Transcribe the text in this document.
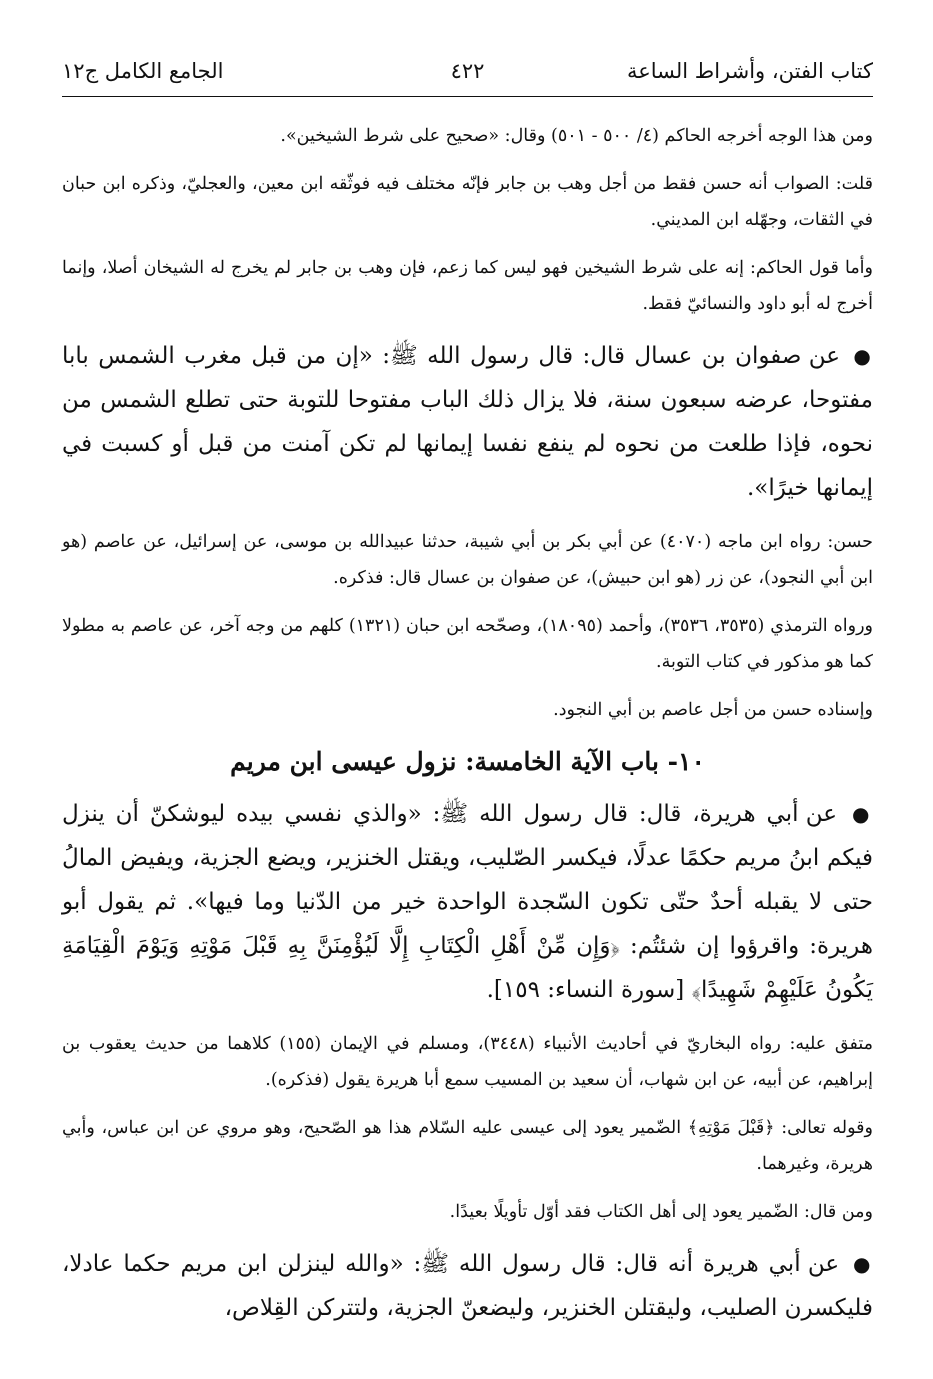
كتاب الفتن، وأشراط الساعة
٤٢٢
الجامع الكامل ج١٢

ومن هذا الوجه أخرجه الحاكم (٤/ ٥٠٠ - ٥٠١) وقال: «صحيح على شرط الشيخين».

قلت: الصواب أنه حسن فقط من أجل وهب بن جابر فإنّه مختلف فيه فوثّقه ابن معين، والعجليّ، وذكره ابن حبان في الثقات، وجهّله ابن المديني.

وأما قول الحاكم: إنه على شرط الشيخين فهو ليس كما زعم، فإن وهب بن جابر لم يخرج له الشيخان أصلا، وإنما أخرج له أبو داود والنسائيّ فقط.

● عن صفوان بن عسال قال: قال رسول الله ﷺ: «إن من قبل مغرب الشمس بابا مفتوحا، عرضه سبعون سنة، فلا يزال ذلك الباب مفتوحا للتوبة حتى تطلع الشمس من نحوه، فإذا طلعت من نحوه لم ينفع نفسا إيمانها لم تكن آمنت من قبل أو كسبت في إيمانها خيرًا».

حسن: رواه ابن ماجه (٤٠٧٠) عن أبي بكر بن أبي شيبة، حدثنا عبيدالله بن موسى، عن إسرائيل، عن عاصم (هو ابن أبي النجود)، عن زر (هو ابن حبيش)، عن صفوان بن عسال قال: فذكره.

ورواه الترمذي (٣٥٣٥، ٣٥٣٦)، وأحمد (١٨٠٩٥)، وصحّحه ابن حبان (١٣٢١) كلهم من وجه آخر، عن عاصم به مطولا كما هو مذكور في كتاب التوبة.

وإسناده حسن من أجل عاصم بن أبي النجود.

١٠- باب الآية الخامسة: نزول عيسى ابن مريم

● عن أبي هريرة، قال: قال رسول الله ﷺ: «والذي نفسي بيده ليوشكنّ أن ينزل فيكم ابنُ مريم حكمًا عدلًا، فيكسر الصّليب، ويقتل الخنزير، ويضع الجزية، ويفيض المالُ حتى لا يقبله أحدٌ حتّى تكون السّجدة الواحدة خير من الدّنيا وما فيها». ثم يقول أبو هريرة: واقرؤوا إن شئتُم: ﴿وَإِن مِّنْ أَهْلِ الْكِتَابِ إِلَّا لَيُؤْمِنَنَّ بِهِ قَبْلَ مَوْتِهِ وَيَوْمَ الْقِيَامَةِ يَكُونُ عَلَيْهِمْ شَهِيدًا﴾ [سورة النساء: ١٥٩].

متفق عليه: رواه البخاريّ في أحاديث الأنبياء (٣٤٤٨)، ومسلم في الإيمان (١٥٥) كلاهما من حديث يعقوب بن إبراهيم، عن أبيه، عن ابن شهاب، أن سعيد بن المسيب سمع أبا هريرة يقول (فذكره).

وقوله تعالى: ﴿قَبْلَ مَوْتِهِ﴾ الضّمير يعود إلى عيسى عليه السّلام هذا هو الصّحيح، وهو مروي عن ابن عباس، وأبي هريرة، وغيرهما.

ومن قال: الضّمير يعود إلى أهل الكتاب فقد أوّل تأويلًا بعيدًا.

● عن أبي هريرة أنه قال: قال رسول الله ﷺ: «والله لينزلن ابن مريم حكما عادلا، فليكسرن الصليب، وليقتلن الخنزير، وليضعنّ الجزية، ولتتركن القِلاص،
